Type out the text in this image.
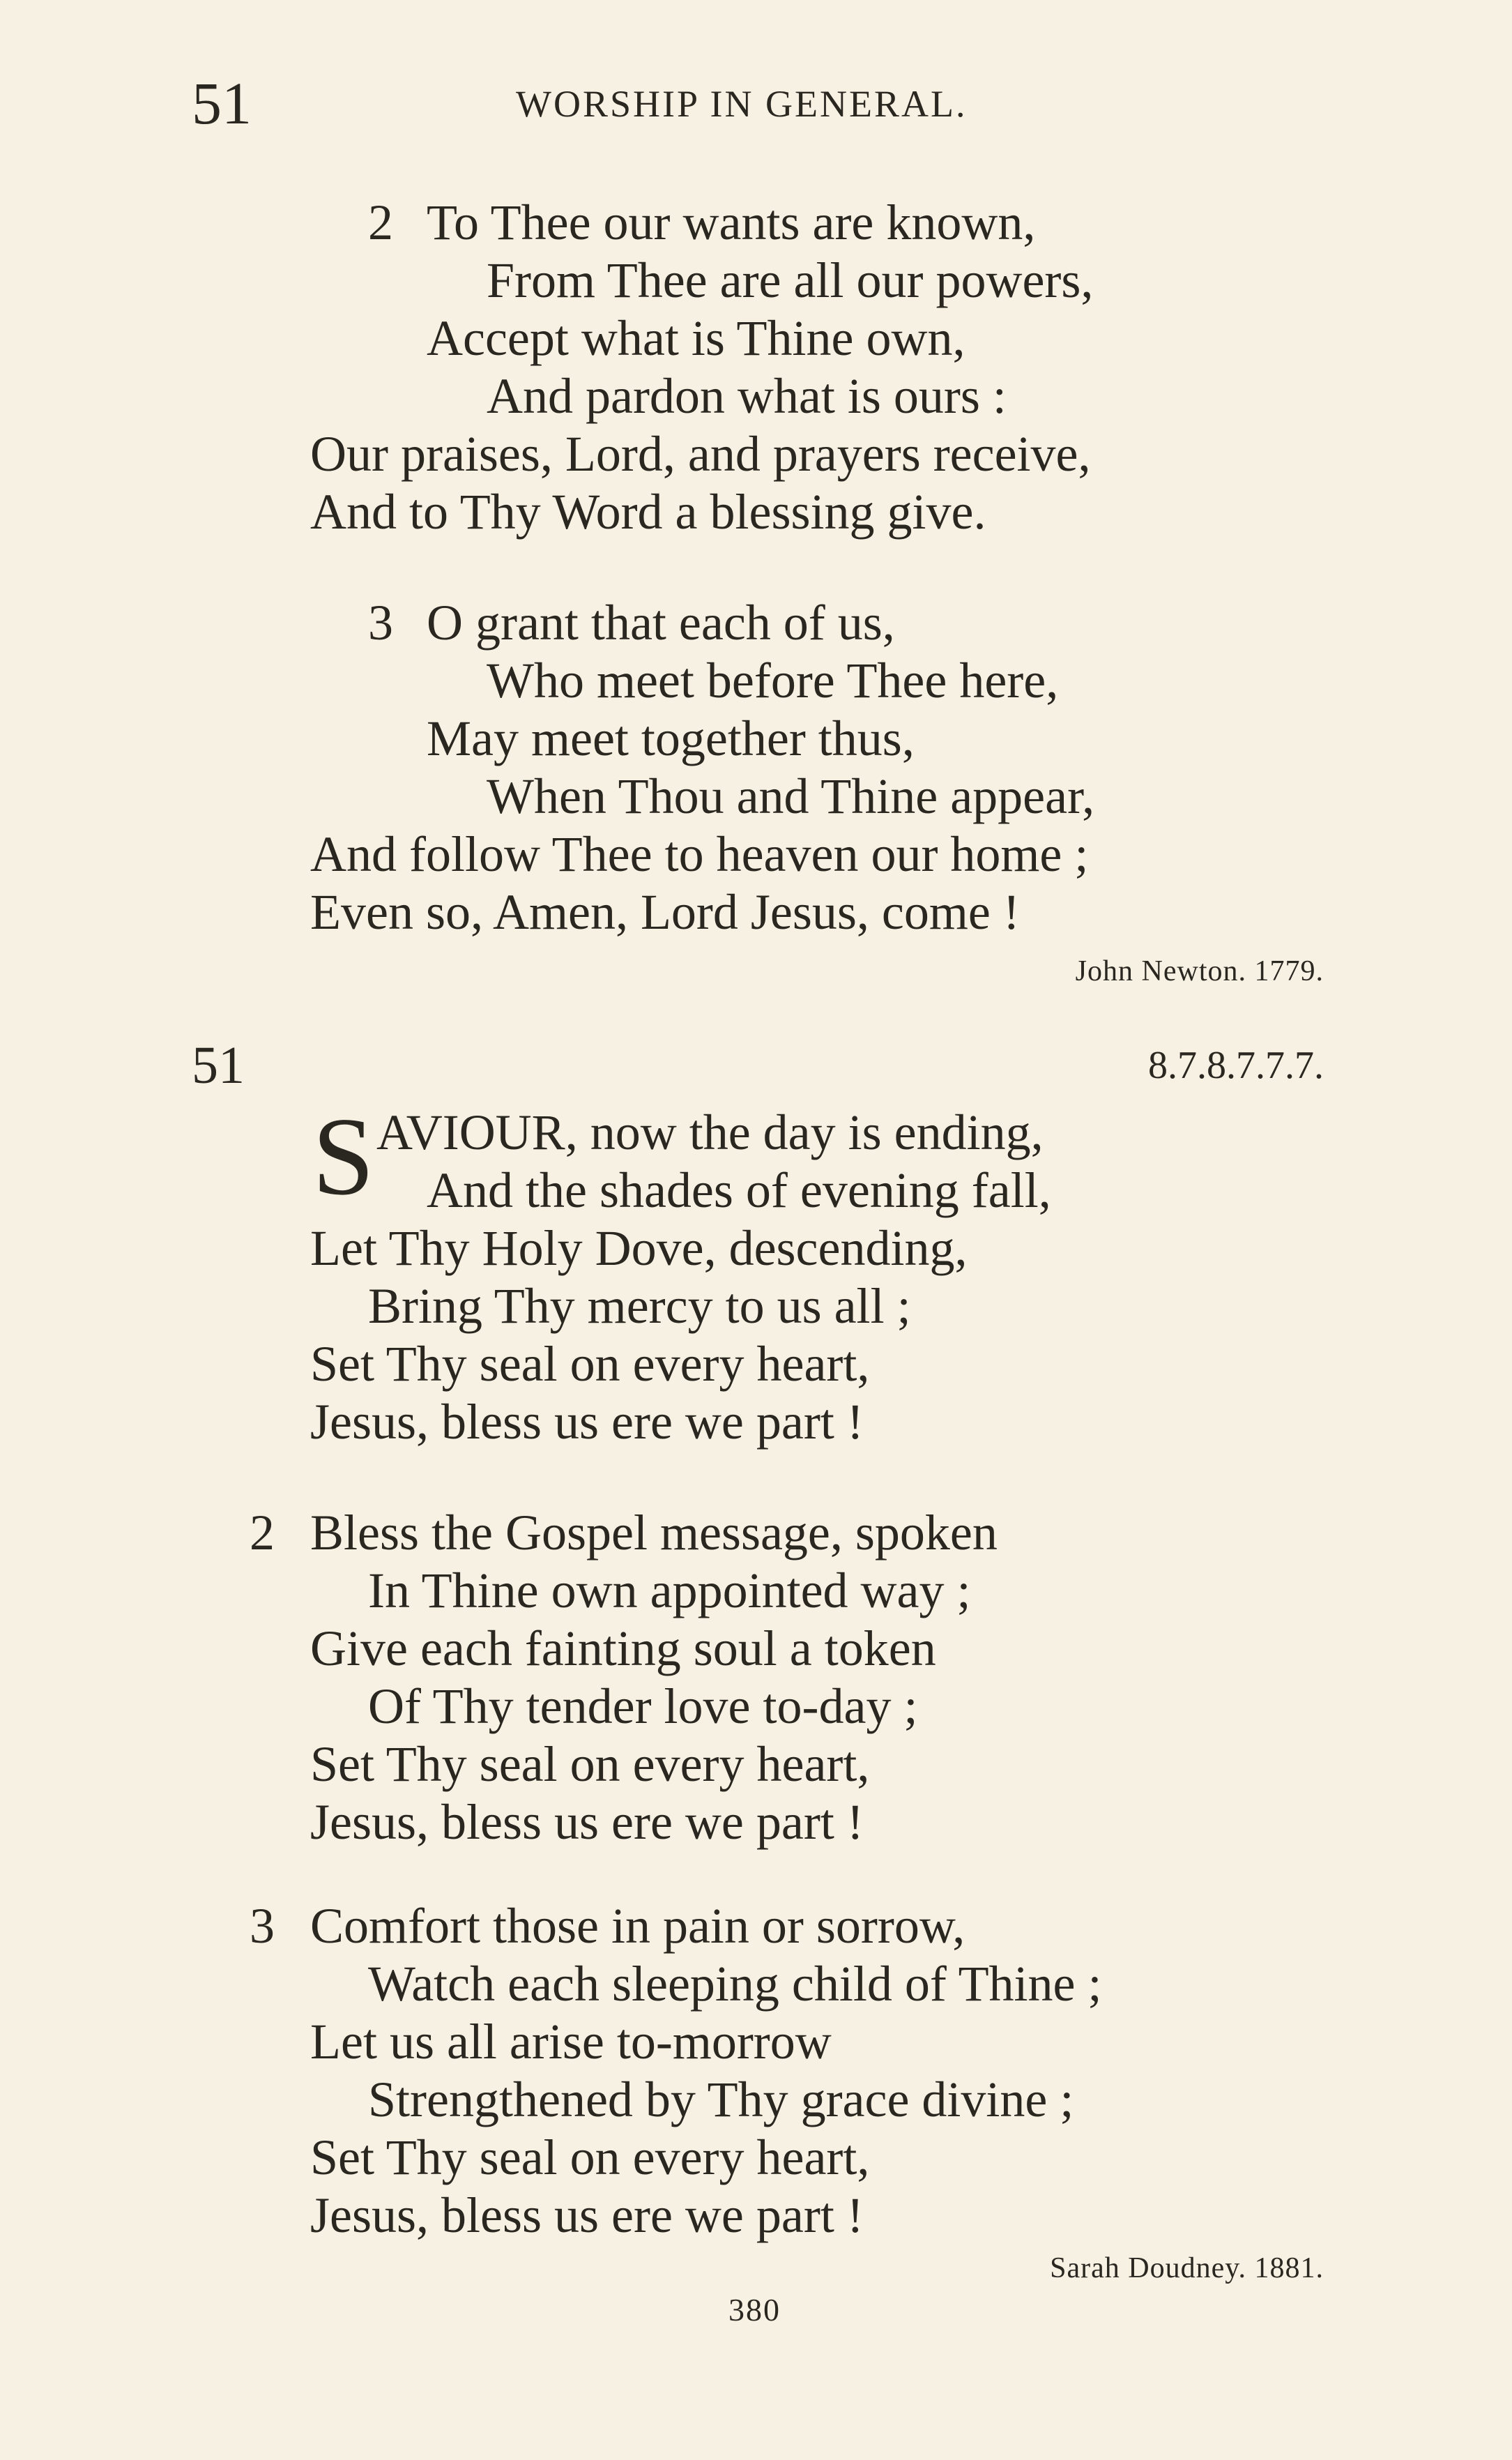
51	WORSHIP IN GENERAL.
2 To Thee our wants are known,
From Thee are all our powers,
Accept what is Thine own,
And pardon what is ours :
Our praises, Lord, and prayers receive,
And to Thy Word a blessing give.
3 O grant that each of us,
Who meet before Thee here,
May meet together thus,
When Thou and Thine appear,
And follow Thee to heaven our home ;
Even so, Amen, Lord Jesus, come !
John Newton. 1779.
51	8.7.8.7.7.7.
S AVIOUR, now the day is ending,
And the shades of evening fall,
Let Thy Holy Dove, descending,
Bring Thy mercy to us all ;
Set Thy seal on every heart,
Jesus, bless us ere we part !
2 Bless the Gospel message, spoken
In Thine own appointed way ;
Give each fainting soul a token
Of Thy tender love to-day ;
Set Thy seal on every heart,
Jesus, bless us ere we part !
3 Comfort those in pain or sorrow,
Watch each sleeping child of Thine ;
Let us all arise to-morrow
Strengthened by Thy grace divine ;
Set Thy seal on every heart,
Jesus, bless us ere we part !
Sarah Doudney. 1881.
380
